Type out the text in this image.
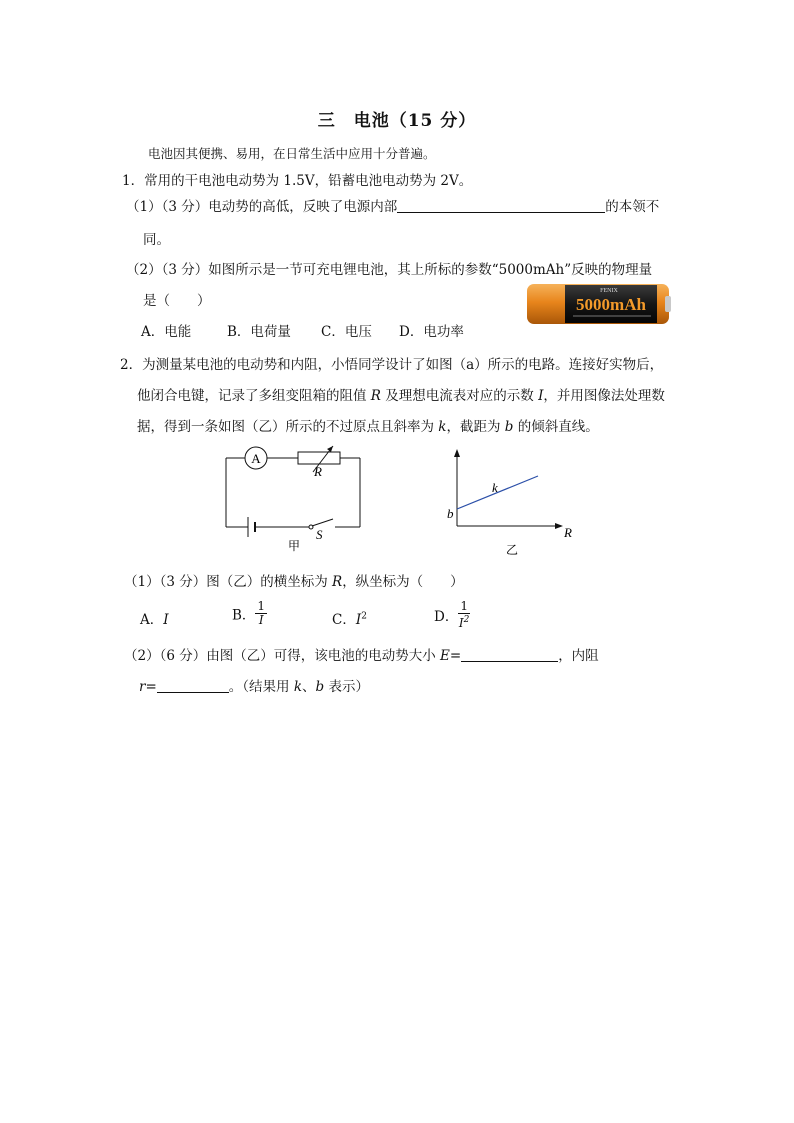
三　电池（15 分）
电池因其便携、易用，在日常生活中应用十分普遍。
1．常用的干电池电动势为 1.5V，铅蓄电池电动势为 2V。
（1）（3 分）电动势的高低，反映了电源内部	的本领不
同。
（2）（3 分）如图所示是一节可充电锂电池，其上所标的参数“5000mAh”反映的物理量
是（　　）
A．电能	B．电荷量 C．电压 D．电功率
FENIX
5000mAh
2．为测量某电池的电动势和内阻，小悟同学设计了如图（a）所示的电路。连接好实物后，
他闭合电键，记录了多组变阻箱的阻值 R 及理想电流表对应的示数 I，并用图像法处理数
据，得到一条如图（乙）所示的不过原点且斜率为 k，截距为 b 的倾斜直线。
A
R
S
甲
k
b
R
乙
（1）（3 分）图（乙）的横坐标为 R，纵坐标为（　　）
A．I	B． $\frac{1}{I}$	C．$I^2$	D． $\frac{1}{I^2}$
（2）（6 分）由图（乙）可得，该电池的电动势大小 E=	，内阻
r=	。（结果用 k、b 表示）
